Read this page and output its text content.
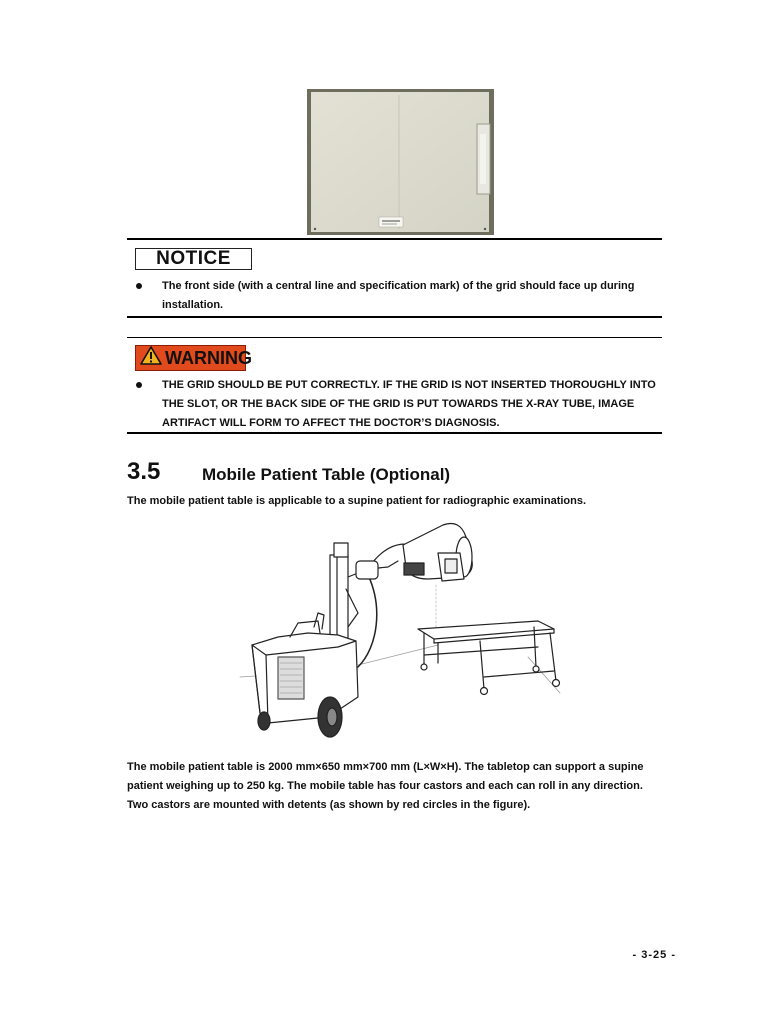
NOTICE
The front side (with a central line and specification mark) of the grid should face up during installation.
WARNING
THE GRID SHOULD BE PUT CORRECTLY. IF THE GRID IS NOT INSERTED THOROUGHLY INTO THE SLOT, OR THE BACK SIDE OF THE GRID IS PUT TOWARDS THE X-RAY TUBE, IMAGE ARTIFACT WILL FORM TO AFFECT THE DOCTOR’S DIAGNOSIS.
3.5 Mobile Patient Table (Optional)
The mobile patient table is applicable to a supine patient for radiographic examinations.
The mobile patient table is 2000 mm×650 mm×700 mm (L×W×H). The tabletop can support a supine patient weighing up to 250 kg. The mobile table has four castors and each can roll in any direction. Two castors are mounted with detents (as shown by red circles in the figure).
- 3-25 -
